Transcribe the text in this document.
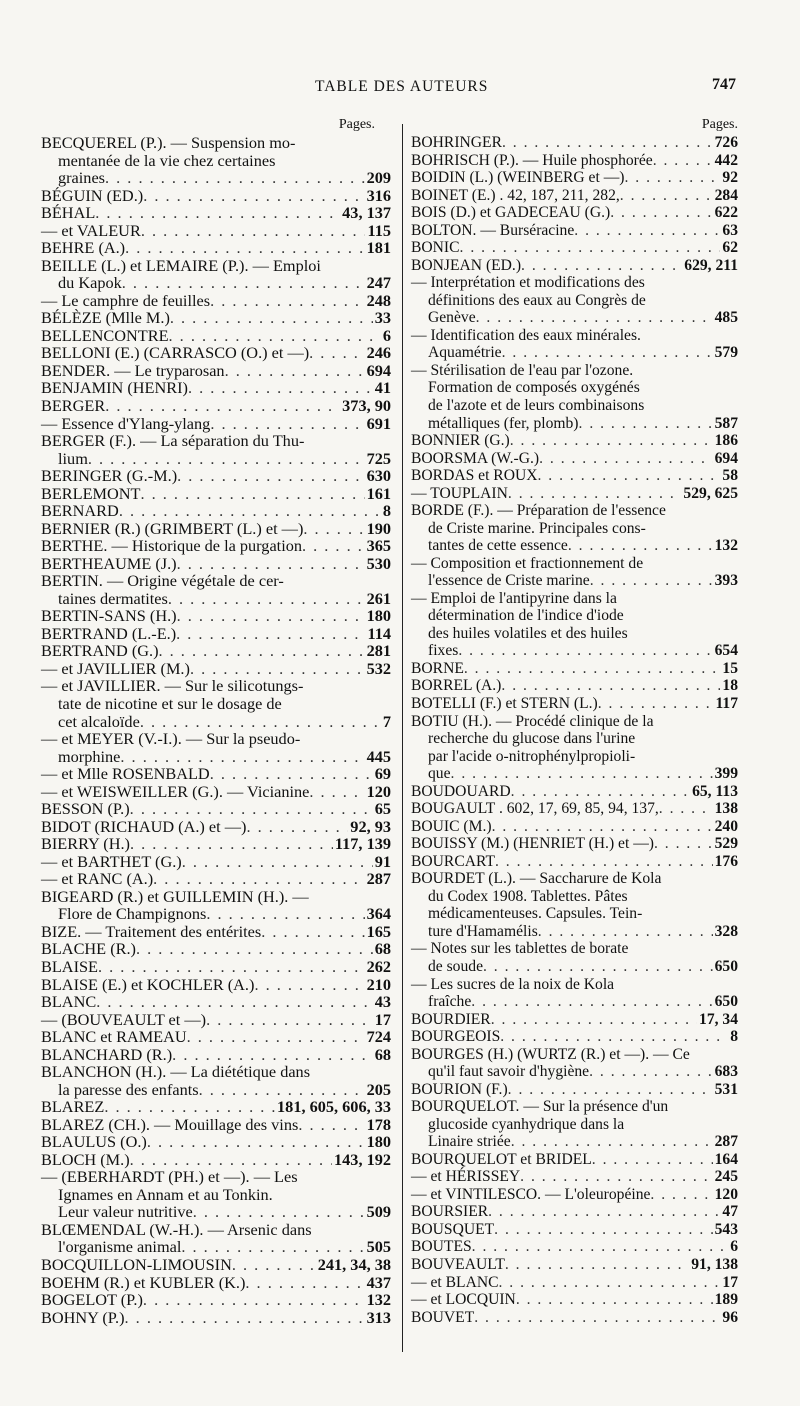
TABLE DES AUTEURS	747
Pages.
BECQUEREL (P.). — Suspension mo-
mentanée de la vie chez certaines
graines . . .	209
BÉGUIN (ED.) . . .	316
BÉHAL . . .	43, 137
— et VALEUR . . .	115
BEHRE (A.) . . .	181
BEILLE (L.) et LEMAIRE (P.). — Emploi
du Kapok . . .	247
— Le camphre de feuilles . . .	248
BÉLÈZE (Mlle M.) . . .	33
BELLENCONTRE . . .	6
BELLONI (E.) (CARRASCO (O.) et —) . . .	246
BENDER. — Le tryparosan . . .	694
BENJAMIN (HENRI) . . .	41
BERGER . . .	373, 90
— Essence d'Ylang-ylang . . .	691
BERGER (F.). — La séparation du Thu-
lium . . .	725
BERINGER (G.-M.) . . .	630
BERLEMONT . . .	161
BERNARD . . .	8
BERNIER (R.) (GRIMBERT (L.) et —) . . .	190
BERTHE. — Historique de la purgation . . .	365
BERTHEAUME (J.) . . .	530
BERTIN. — Origine végétale de cer-
taines dermatites . . .	261
BERTIN-SANS (H.) . . .	180
BERTRAND (L.-E.) . . .	114
BERTRAND (G.) . . .	281
— et JAVILLIER (M.) . . .	532
— et JAVILLIER. — Sur le silicotungs-
tate de nicotine et sur le dosage de
cet alcaloïde . . .	7
— et MEYER (V.-I.). — Sur la pseudo-
morphine . . .	445
— et Mlle ROSENBALD . . .	69
— et WEISWEILLER (G.). — Vicianine . . .	120
BESSON (P.) . . .	65
BIDOT (RICHAUD (A.) et —) . . .	92, 93
BIERRY (H.) . . .	117, 139
— et BARTHET (G.) . . .	91
— et RANC (A.) . . .	287
BIGEARD (R.) et GUILLEMIN (H.). —
Flore de Champignons . . .	364
BIZE. — Traitement des entérites . . .	165
BLACHE (R.) . . .	68
BLAISE . . .	262
BLAISE (E.) et KOCHLER (A.) . . .	210
BLANC . . .	43
— (BOUVEAULT et —) . . .	17
BLANC et RAMEAU . . .	724
BLANCHARD (R.) . . .	68
BLANCHON (H.). — La diététique dans
la paresse des enfants . . .	205
BLAREZ . . .	181, 605, 606, 33
BLAREZ (CH.). — Mouillage des vins . . .	178
BLAULUS (O.) . . .	180
BLOCH (M.) . . .	143, 192
— (EBERHARDT (PH.) et —). — Les
Ignames en Annam et au Tonkin.
Leur valeur nutritive . . .	509
BLŒMENDAL (W.-H.). — Arsenic dans
l'organisme animal . . .	505
BOCQUILLON-LIMOUSIN . . .	241, 34, 38
BOEHM (R.) et KUBLER (K.) . . .	437
BOGELOT (P.) . . .	132
BOHNY (P.) . . .	313
Pages.
BOHRINGER . . .	726
BOHRISCH (P.). — Huile phosphorée . . .	442
BOIDIN (L.) (WEINBERG et —) . . .	92
BOINET (E.) . 42, 187, 211, 282, . . .	284
BOIS (D.) et GADECEAU (G.) . . .	622
BOLTON. — Burséracine . . .	63
BONIC . . .	62
BONJEAN (ED.) . . .	629, 211
— Interprétation et modifications des
définitions des eaux au Congrès de
Genève . . .	485
— Identification des eaux minérales.
Aquamétrie . . .	579
— Stérilisation de l'eau par l'ozone.
Formation de composés oxygénés
de l'azote et de leurs combinaisons
métalliques (fer, plomb) . . .	587
BONNIER (G.) . . .	186
BOORSMA (W.-G.) . . .	694
BORDAS et ROUX . . .	58
— TOUPLAIN . . .	529, 625
BORDE (F.). — Préparation de l'essence
de Criste marine. Principales cons-
tantes de cette essence . . .	132
— Composition et fractionnement de
l'essence de Criste marine . . .	393
— Emploi de l'antipyrine dans la
détermination de l'indice d'iode
des huiles volatiles et des huiles
fixes . . .	654
BORNE . . .	15
BORREL (A.) . . .	18
BOTELLI (F.) et STERN (L.) . . .	117
BOTIU (H.). — Procédé clinique de la
recherche du glucose dans l'urine
par l'acide o-nitrophénylpropioli-
que . . .	399
BOUDOUARD . . .	65, 113
BOUGAULT . 602, 17, 69, 85, 94, 137, . . .	138
BOUIC (M.) . . .	240
BOUISSY (M.) (HENRIET (H.) et —) . . .	529
BOURCART . . .	176
BOURDET (L.). — Saccharure de Kola
du Codex 1908. Tablettes. Pâtes
médicamenteuses. Capsules. Tein-
ture d'Hamamélis . . .	328
— Notes sur les tablettes de borate
de soude . . .	650
— Les sucres de la noix de Kola
fraîche . . .	650
BOURDIER . . .	17, 34
BOURGEOIS . . .	8
BOURGES (H.) (WURTZ (R.) et —). — Ce
qu'il faut savoir d'hygiène . . .	683
BOURION (F.) . . .	531
BOURQUELOT. — Sur la présence d'un
glucoside cyanhydrique dans la
Linaire striée . . .	287
BOURQUELOT et BRIDEL . . .	164
— et HÉRISSEY . . .	245
— et VINTILESCO. — L'oleuropéine . . .	120
BOURSIER . . .	47
BOUSQUET . . .	543
BOUTES . . .	6
BOUVEAULT . . .	91, 138
— et BLANC . . .	17
— et LOCQUIN . . .	189
BOUVET . . .	96
